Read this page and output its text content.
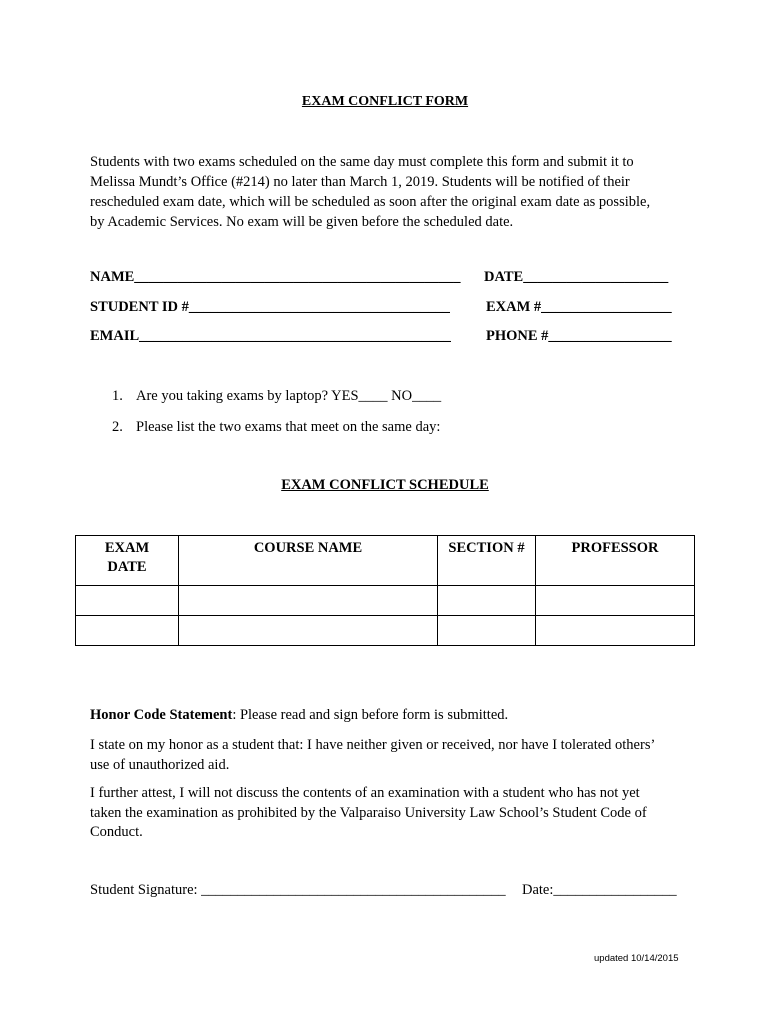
EXAM CONFLICT FORM
Students with two exams scheduled on the same day must complete this form and submit it to
Melissa Mundt’s Office (#214) no later than March 1, 2019. Students will be notified of their
rescheduled exam date, which will be scheduled as soon after the original exam date as possible,
by Academic Services. No exam will be given before the scheduled date.
NAME_____________________________________________ DATE____________________
STUDENT ID #____________________________________ EXAM #__________________
EMAIL___________________________________________ PHONE #_________________
1. Are you taking exams by laptop? YES____ NO____
2. Please list the two exams that meet on the same day:
EXAM CONFLICT SCHEDULE
EXAM
DATE	COURSE NAME	SECTION #	PROFESSOR

Honor Code Statement: Please read and sign before form is submitted.
I state on my honor as a student that: I have neither given or received, nor have I tolerated others’
use of unauthorized aid.
I further attest, I will not discuss the contents of an examination with a student who has not yet
taken the examination as prohibited by the Valparaiso University Law School’s Student Code of
Conduct.
Student Signature: __________________________________________ Date:_________________
updated 10/14/2015
